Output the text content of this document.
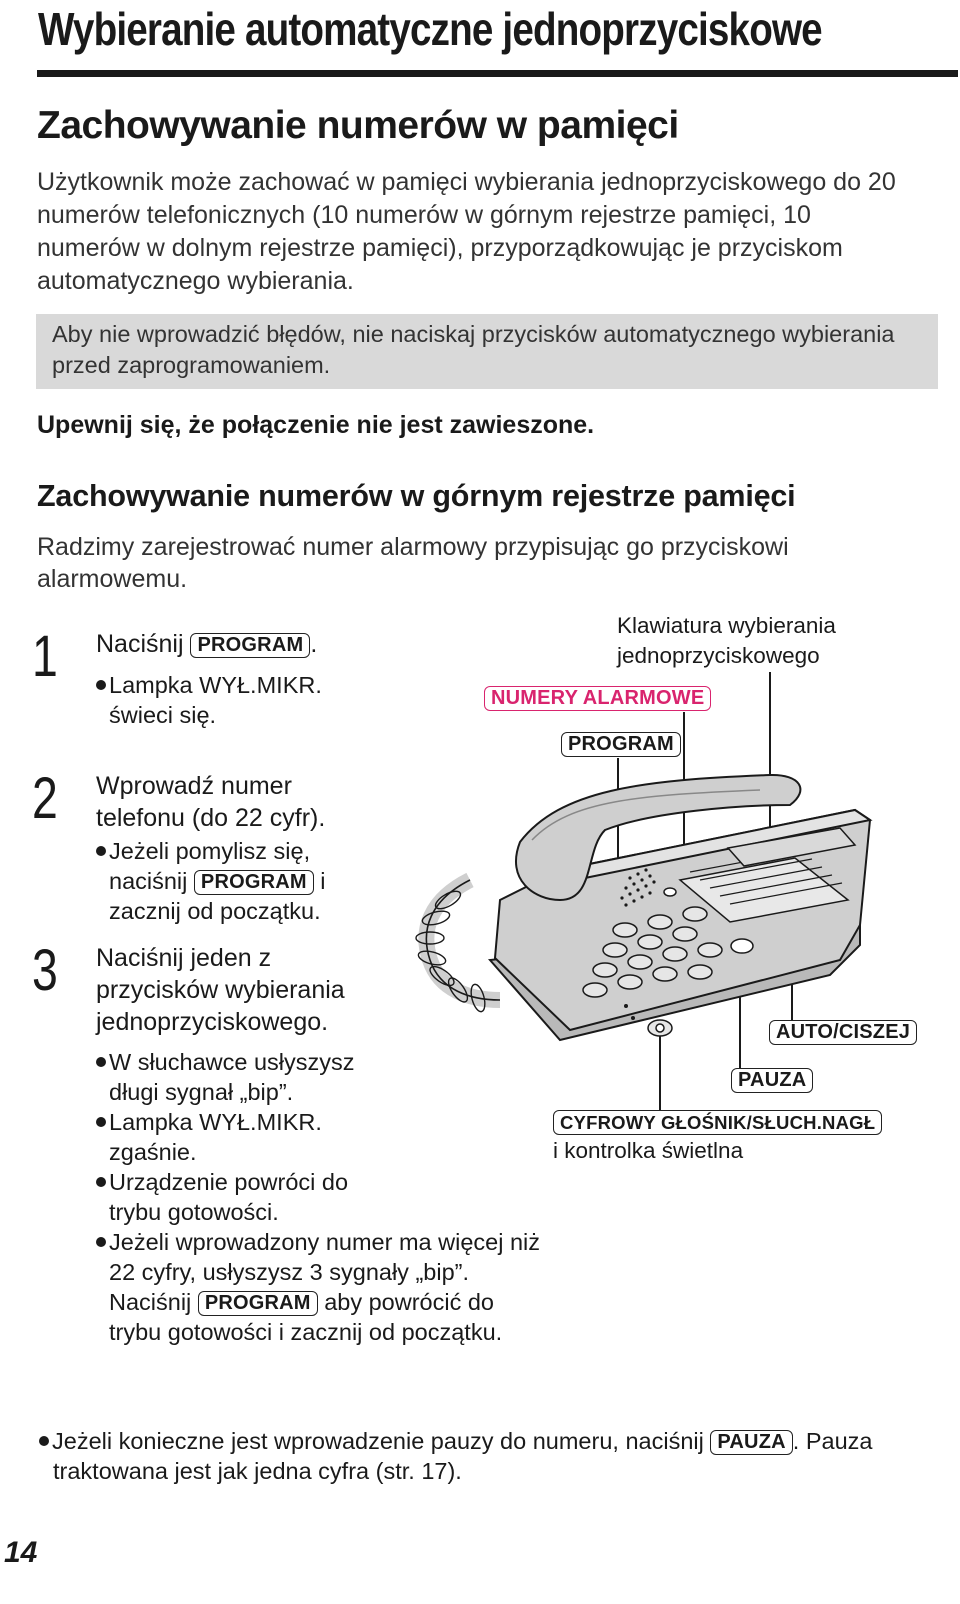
Wybieranie automatyczne jednoprzyciskowe
Zachowywanie numerów w pamięci
Użytkownik może zachować w pamięci wybierania jednoprzyciskowego do 20 numerów telefonicznych (10 numerów w górnym rejestrze pamięci, 10 numerów w dolnym rejestrze pamięci), przyporządkowując je przyciskom automatycznego wybierania.
Aby nie wprowadzić błędów, nie naciskaj przycisków automatycznego wybierania przed zaprogramowaniem.
Upewnij się, że połączenie nie jest zawieszone.
Zachowywanie numerów w górnym rejestrze pamięci
Radzimy zarejestrować numer alarmowy przypisując go przyciskowi alarmowemu.
1 Naciśnij PROGRAM .
Lampka WYŁ.MIKR.
świeci się.
2 Wprowadź numer
telefonu (do 22 cyfr).
Jeżeli pomylisz się,
naciśnij PROGRAM i
zacznij od początku.
3 Naciśnij jeden z
przycisków wybierania
jednoprzyciskowego.
W słuchawce usłyszysz
długi sygnał „bip”.
Lampka WYŁ.MIKR.
zgaśnie.
Urządzenie powróci do
trybu gotowości.
Jeżeli wprowadzony numer ma więcej niż
22 cyfry, usłyszysz 3 sygnały „bip”.
Naciśnij PROGRAM aby powrócić do
trybu gotowości i zacznij od początku.
Klawiatura wybierania
jednoprzyciskowego
NUMERY ALARMOWE
PROGRAM
AUTO/CISZEJ
PAUZA
CYFROWY GŁOŚNIK/SŁUCH.NAGŁ
i kontrolka świetlna
Jeżeli konieczne jest wprowadzenie pauzy do numeru, naciśnij PAUZA . Pauza
traktowana jest jak jedna cyfra (str. 17).
14
